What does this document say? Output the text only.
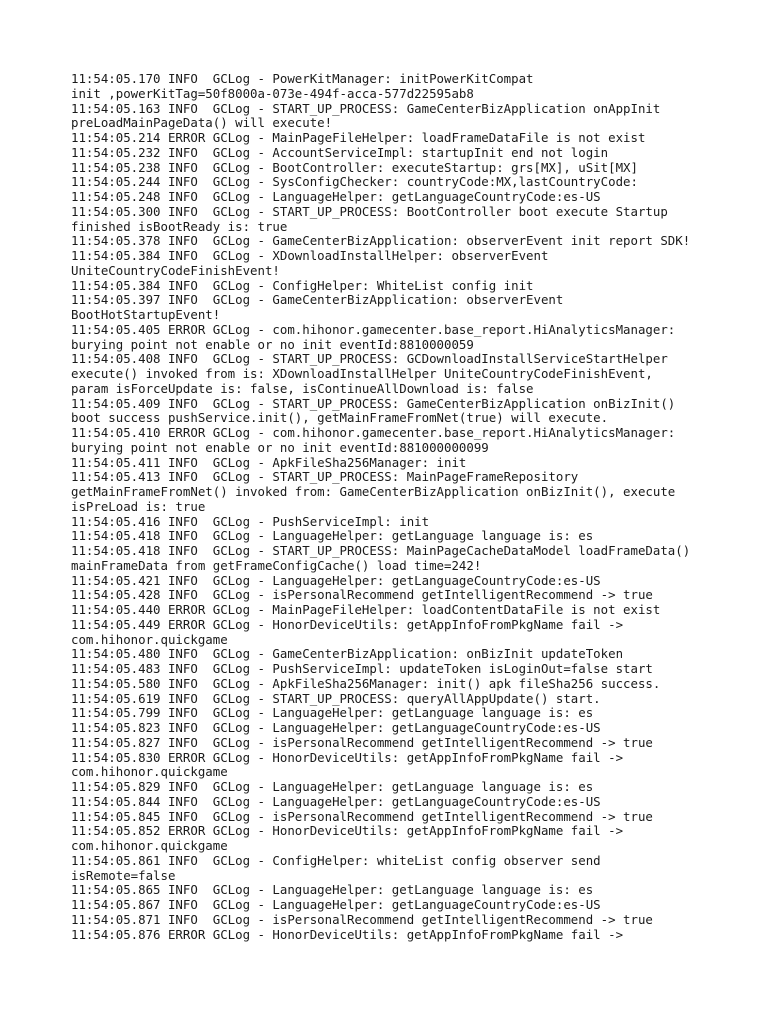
11:54:05.170 INFO  GCLog - PowerKitManager: initPowerKitCompat
init ,powerKitTag=50f8000a-073e-494f-acca-577d22595ab8
11:54:05.163 INFO  GCLog - START_UP_PROCESS: GameCenterBizApplication onAppInit
preLoadMainPageData() will execute!
11:54:05.214 ERROR GCLog - MainPageFileHelper: loadFrameDataFile is not exist
11:54:05.232 INFO  GCLog - AccountServiceImpl: startupInit end not login
11:54:05.238 INFO  GCLog - BootController: executeStartup: grs[MX], uSit[MX]
11:54:05.244 INFO  GCLog - SysConfigChecker: countryCode:MX,lastCountryCode:
11:54:05.248 INFO  GCLog - LanguageHelper: getLanguageCountryCode:es-US
11:54:05.300 INFO  GCLog - START_UP_PROCESS: BootController boot execute Startup
finished isBootReady is: true
11:54:05.378 INFO  GCLog - GameCenterBizApplication: observerEvent init report SDK!
11:54:05.384 INFO  GCLog - XDownloadInstallHelper: observerEvent
UniteCountryCodeFinishEvent!
11:54:05.384 INFO  GCLog - ConfigHelper: WhiteList config init
11:54:05.397 INFO  GCLog - GameCenterBizApplication: observerEvent
BootHotStartupEvent!
11:54:05.405 ERROR GCLog - com.hihonor.gamecenter.base_report.HiAnalyticsManager:
burying point not enable or no init eventId:8810000059
11:54:05.408 INFO  GCLog - START_UP_PROCESS: GCDownloadInstallServiceStartHelper
execute() invoked from is: XDownloadInstallHelper UniteCountryCodeFinishEvent,
param isForceUpdate is: false, isContinueAllDownload is: false
11:54:05.409 INFO  GCLog - START_UP_PROCESS: GameCenterBizApplication onBizInit()
boot success pushService.init(), getMainFrameFromNet(true) will execute.
11:54:05.410 ERROR GCLog - com.hihonor.gamecenter.base_report.HiAnalyticsManager:
burying point not enable or no init eventId:881000000099
11:54:05.411 INFO  GCLog - ApkFileSha256Manager: init
11:54:05.413 INFO  GCLog - START_UP_PROCESS: MainPageFrameRepository
getMainFrameFromNet() invoked from: GameCenterBizApplication onBizInit(), execute
isPreLoad is: true
11:54:05.416 INFO  GCLog - PushServiceImpl: init
11:54:05.418 INFO  GCLog - LanguageHelper: getLanguage language is: es
11:54:05.418 INFO  GCLog - START_UP_PROCESS: MainPageCacheDataModel loadFrameData()
mainFrameData from getFrameConfigCache() load time=242!
11:54:05.421 INFO  GCLog - LanguageHelper: getLanguageCountryCode:es-US
11:54:05.428 INFO  GCLog - isPersonalRecommend getIntelligentRecommend -> true
11:54:05.440 ERROR GCLog - MainPageFileHelper: loadContentDataFile is not exist
11:54:05.449 ERROR GCLog - HonorDeviceUtils: getAppInfoFromPkgName fail ->
com.hihonor.quickgame
11:54:05.480 INFO  GCLog - GameCenterBizApplication: onBizInit updateToken
11:54:05.483 INFO  GCLog - PushServiceImpl: updateToken isLoginOut=false start
11:54:05.580 INFO  GCLog - ApkFileSha256Manager: init() apk fileSha256 success.
11:54:05.619 INFO  GCLog - START_UP_PROCESS: queryAllAppUpdate() start.
11:54:05.799 INFO  GCLog - LanguageHelper: getLanguage language is: es
11:54:05.823 INFO  GCLog - LanguageHelper: getLanguageCountryCode:es-US
11:54:05.827 INFO  GCLog - isPersonalRecommend getIntelligentRecommend -> true
11:54:05.830 ERROR GCLog - HonorDeviceUtils: getAppInfoFromPkgName fail ->
com.hihonor.quickgame
11:54:05.829 INFO  GCLog - LanguageHelper: getLanguage language is: es
11:54:05.844 INFO  GCLog - LanguageHelper: getLanguageCountryCode:es-US
11:54:05.845 INFO  GCLog - isPersonalRecommend getIntelligentRecommend -> true
11:54:05.852 ERROR GCLog - HonorDeviceUtils: getAppInfoFromPkgName fail ->
com.hihonor.quickgame
11:54:05.861 INFO  GCLog - ConfigHelper: whiteList config observer send
isRemote=false
11:54:05.865 INFO  GCLog - LanguageHelper: getLanguage language is: es
11:54:05.867 INFO  GCLog - LanguageHelper: getLanguageCountryCode:es-US
11:54:05.871 INFO  GCLog - isPersonalRecommend getIntelligentRecommend -> true
11:54:05.876 ERROR GCLog - HonorDeviceUtils: getAppInfoFromPkgName fail ->
